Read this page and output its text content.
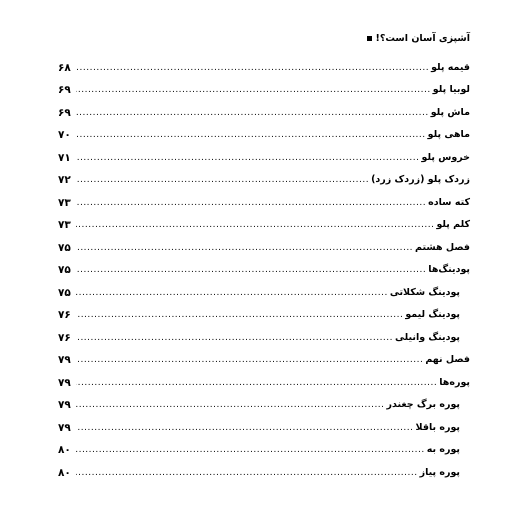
آشپزی آسان است؟!
قیمه پلو
.....
۶۸
لوبیا پلو
.....
۶۹
ماش پلو
.....
۶۹
ماهی پلو
.....
۷۰
خروس پلو
.....
۷۱
زردک پلو (زردک زرد)
.....
۷۲
کته ساده
.....
۷۳
کلم پلو
.....
۷۳
فصل هشتم
.....
۷۵
پودینگ‌ها
.....
۷۵
پودینگ شکلاتی
.....
۷۵
پودینگ لیمو
.....
۷۶
پودینگ وانیلی
.....
۷۶
فصل نهم
.....
۷۹
پوره‌ها
.....
۷۹
پوره برگ چغندر
.....
۷۹
پوره باقلا
.....
۷۹
پوره به
.....
۸۰
پوره پیاز
.....
۸۰
